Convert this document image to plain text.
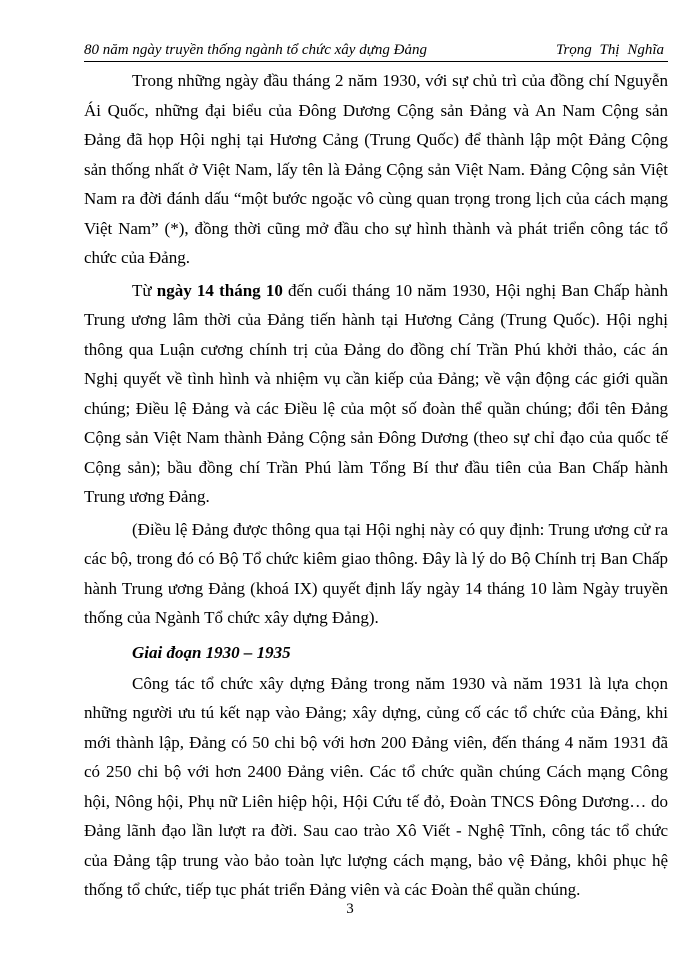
80 năm ngày truyền thống ngành tổ chức xây dựng Đảng	Trọng Thị Nghĩa

Trong những ngày đầu tháng 2 năm 1930, với sự chủ trì của đồng chí Nguyễn Ái Quốc, những đại biểu của Đông Dương Cộng sản Đảng và An Nam Cộng sản Đảng đã họp Hội nghị tại Hương Cảng (Trung Quốc) để thành lập một Đảng Cộng sản thống nhất ở Việt Nam, lấy tên là Đảng Cộng sản Việt Nam. Đảng Cộng sản Việt Nam ra đời đánh dấu “một bước ngoặc vô cùng quan trọng trong lịch của cách mạng Việt Nam” (*), đồng thời cũng mở đầu cho sự hình thành và phát triển công tác tổ chức của Đảng.

Từ ngày 14 tháng 10 đến cuối tháng 10 năm 1930, Hội nghị Ban Chấp hành Trung ương lâm thời của Đảng tiến hành tại Hương Cảng (Trung Quốc). Hội nghị thông qua Luận cương chính trị của Đảng do đồng chí Trần Phú khởi thảo, các án Nghị quyết về tình hình và nhiệm vụ cần kiếp của Đảng; về vận động các giới quần chúng; Điều lệ Đảng và các Điều lệ của một số đoàn thể quần chúng; đổi tên Đảng Cộng sản Việt Nam thành Đảng Cộng sản Đông Dương (theo sự chỉ đạo của quốc tế Cộng sản); bầu đồng chí Trần Phú làm Tổng Bí thư đầu tiên của Ban Chấp hành Trung ương Đảng.

(Điều lệ Đảng được thông qua tại Hội nghị này có quy định: Trung ương cử ra các bộ, trong đó có Bộ Tổ chức kiêm giao thông. Đây là lý do Bộ Chính trị Ban Chấp hành Trung ương Đảng (khoá IX) quyết định lấy ngày 14 tháng 10 làm Ngày truyền thống của Ngành Tổ chức xây dựng Đảng).

Giai đoạn 1930 – 1935

Công tác tổ chức xây dựng Đảng trong năm 1930 và năm 1931 là lựa chọn những người ưu tú kết nạp vào Đảng; xây dựng, củng cố các tổ chức của Đảng, khi mới thành lập, Đảng có 50 chi bộ với hơn 200 Đảng viên, đến tháng 4 năm 1931 đã có 250 chi bộ với hơn 2400 Đảng viên. Các tổ chức quần chúng Cách mạng Công hội, Nông hội, Phụ nữ Liên hiệp hội, Hội Cứu tế đỏ, Đoàn TNCS Đông Dương… do Đảng lãnh đạo lần lượt ra đời. Sau cao trào Xô Viết - Nghệ Tĩnh, công tác tổ chức của Đảng tập trung vào bảo toàn lực lượng cách mạng, bảo vệ Đảng, khôi phục hệ thống tổ chức, tiếp tục phát triển Đảng viên và các Đoàn thể quần chúng.

3
